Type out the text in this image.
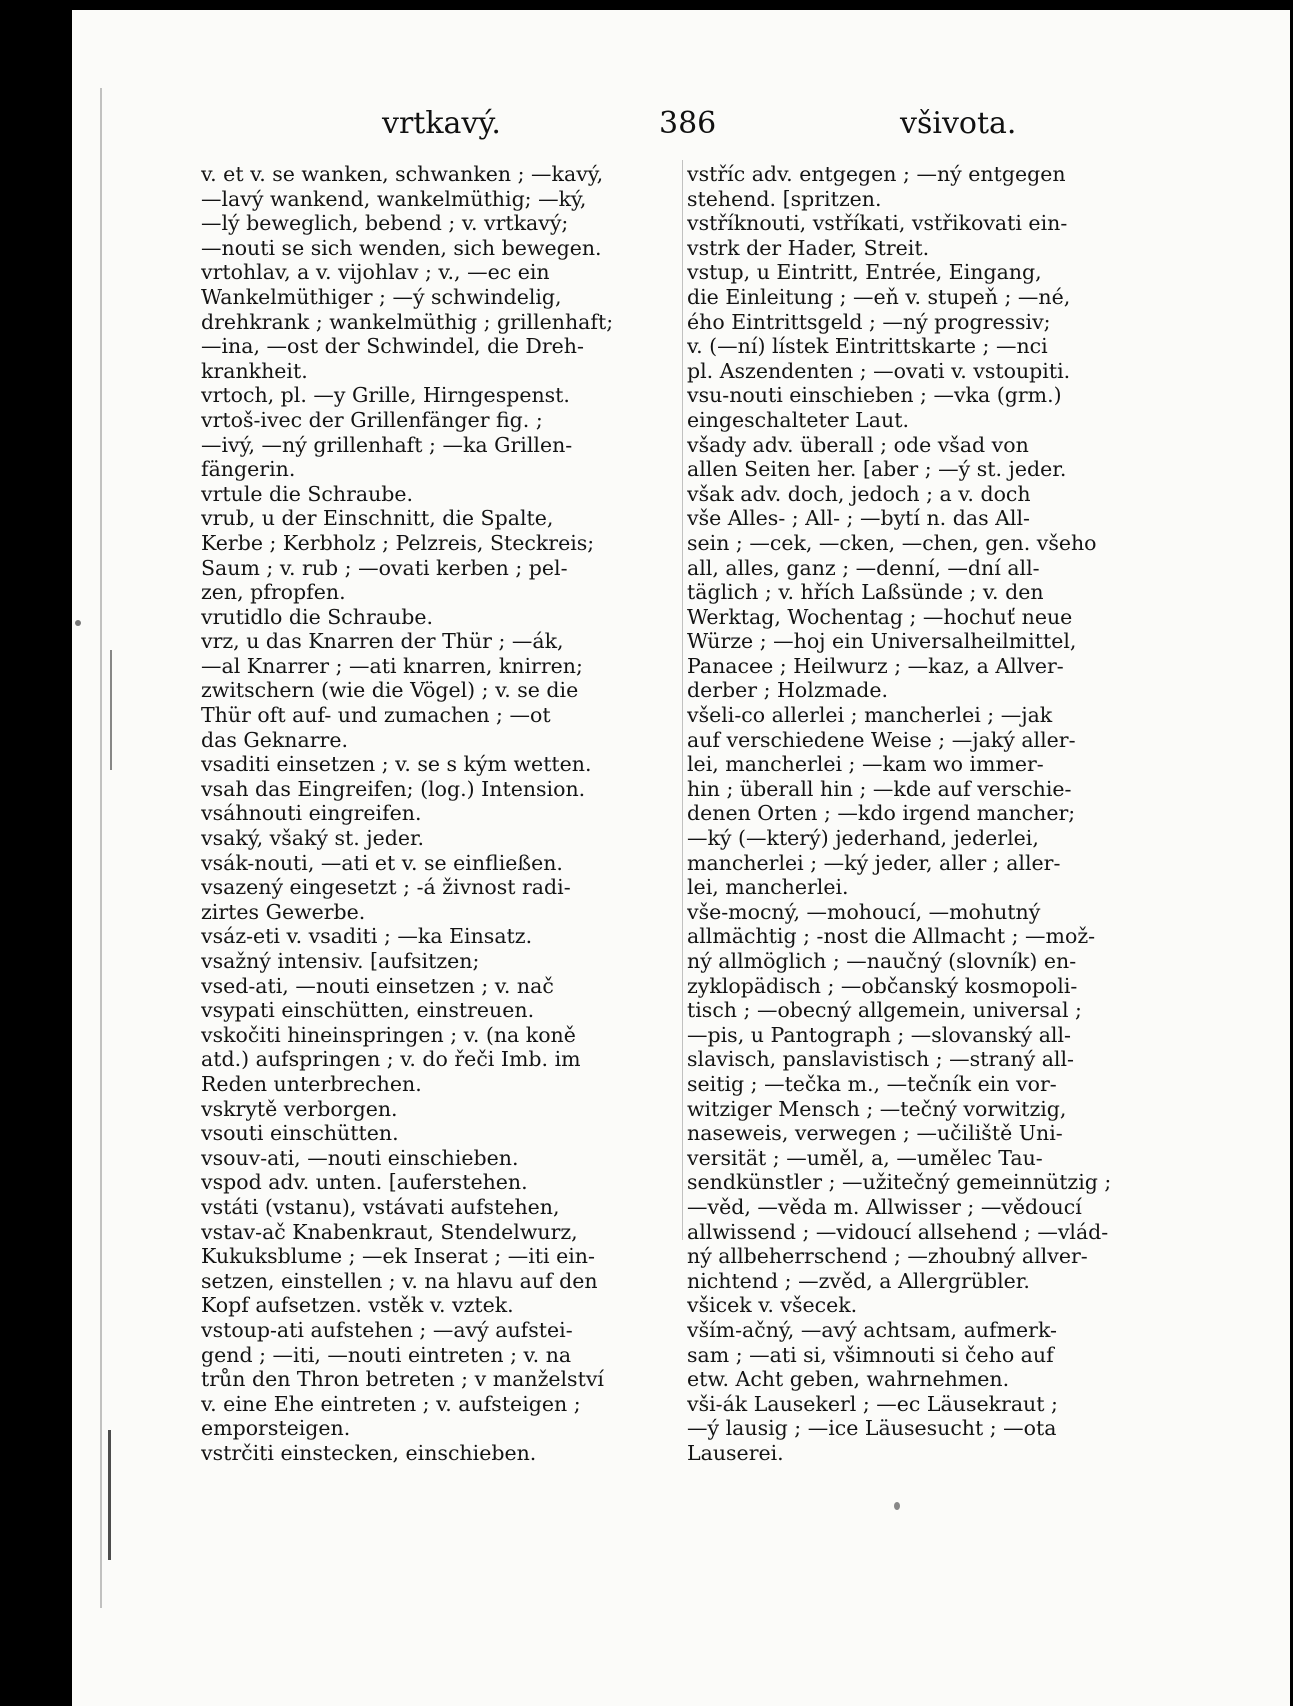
vrtkavý.	386	všivota.
v. et v. se wanken, schwanken ; —kavý,
—lavý wankend, wankelmüthig; —ký,
—lý beweglich, bebend ; v. vrtkavý;
—nouti se sich wenden, sich bewegen.
vrtohlav, a v. vijohlav ; v., —ec ein
Wankelmüthiger ; —ý schwindelig,
drehkrank ; wankelmüthig ; grillenhaft;
—ina, —ost der Schwindel, die Dreh-
krankheit.
vrtoch, pl. —y Grille, Hirngespenst.
vrtoš-ivec der Grillenfänger fig. ;
—ivý, —ný grillenhaft ; —ka Grillen-
fängerin.
vrtule die Schraube.
vrub, u der Einschnitt, die Spalte,
Kerbe ; Kerbholz ; Pelzreis, Steckreis;
Saum ; v. rub ; —ovati kerben ; pel-
zen, pfropfen.
vrutidlo die Schraube.
vrz, u das Knarren der Thür ; —ák,
—al Knarrer ; —ati knarren, knirren;
zwitschern (wie die Vögel) ; v. se die
Thür oft auf- und zumachen ; —ot
das Geknarre.
vsaditi einsetzen ; v. se s kým wetten.
vsah das Eingreifen; (log.) Intension.
vsáhnouti eingreifen.
vsaký, všaký st. jeder.
vsák-nouti, —ati et v. se einfließen.
vsazený eingesetzt ; -á živnost radi-
zirtes Gewerbe.
vsáz-eti v. vsaditi ; —ka Einsatz.
vsažný intensiv. [aufsitzen;
vsed-ati, —nouti einsetzen ; v. nač
vsypati einschütten, einstreuen.
vskočiti hineinspringen ; v. (na koně
atd.) aufspringen ; v. do řeči Imb. im
Reden unterbrechen.
vskrytě verborgen.
vsouti einschütten.
vsouv-ati, —nouti einschieben.
vspod adv. unten. [auferstehen.
vstáti (vstanu), vstávati aufstehen,
vstav-ač Knabenkraut, Stendelwurz,
Kukuksblume ; —ek Inserat ; —iti ein-
setzen, einstellen ; v. na hlavu auf den
Kopf aufsetzen. vstěk v. vztek.
vstoup-ati aufstehen ; —avý aufstei-
gend ; —iti, —nouti eintreten ; v. na
trůn den Thron betreten ; v manželství
v. eine Ehe eintreten ; v. aufsteigen ;
emporsteigen.
vstrčiti einstecken, einschieben.
vstříc adv. entgegen ; —ný entgegen
stehend. [spritzen.
vstříknouti, vstříkati, vstřikovati ein-
vstrk der Hader, Streit.
vstup, u Eintritt, Entrée, Eingang,
die Einleitung ; —eň v. stupeň ; —né,
ého Eintrittsgeld ; —ný progressiv;
v. (—ní) lístek Eintrittskarte ; —nci
pl. Aszendenten ; —ovati v. vstoupiti.
vsu-nouti einschieben ; —vka (grm.)
eingeschalteter Laut.
všady adv. überall ; ode všad von
allen Seiten her. [aber ; —ý st. jeder.
však adv. doch, jedoch ; a v. doch
vše Alles- ; All- ; —bytí n. das All-
sein ; —cek, —cken, —chen, gen. všeho
all, alles, ganz ; —denní, —dní all-
täglich ; v. hřích Laßsünde ; v. den
Werktag, Wochentag ; —hochuť neue
Würze ; —hoj ein Universalheilmittel,
Panacee ; Heilwurz ; —kaz, a Allver-
derber ; Holzmade.
všeli-co allerlei ; mancherlei ; —jak
auf verschiedene Weise ; —jaký aller-
lei, mancherlei ; —kam wo immer-
hin ; überall hin ; —kde auf verschie-
denen Orten ; —kdo irgend mancher;
—ký (—který) jederhand, jederlei,
mancherlei ; —ký jeder, aller ; aller-
lei, mancherlei.
vše-mocný, —mohoucí, —mohutný
allmächtig ; -nost die Allmacht ; —mož-
ný allmöglich ; —naučný (slovník) en-
zyklopädisch ; —občanský kosmopoli-
tisch ; —obecný allgemein, universal ;
—pis, u Pantograph ; —slovanský all-
slavisch, panslavistisch ; —straný all-
seitig ; —tečka m., —tečník ein vor-
witziger Mensch ; —tečný vorwitzig,
naseweis, verwegen ; —učiliště Uni-
versität ; —uměl, a, —umělec Tau-
sendkünstler ; —užitečný gemeinnützig ;
—věd, —věda m. Allwisser ; —vědoucí
allwissend ; —vidoucí allsehend ; —vlád-
ný allbeherrschend ; —zhoubný allver-
nichtend ; —zvěd, a Allergrübler.
všicek v. všecek.
vším-ačný, —avý achtsam, aufmerk-
sam ; —ati si, všimnouti si čeho auf
etw. Acht geben, wahrnehmen.
vši-ák Lausekerl ; —ec Läusekraut ;
—ý lausig ; —ice Läusesucht ; —ota
Lauserei.
